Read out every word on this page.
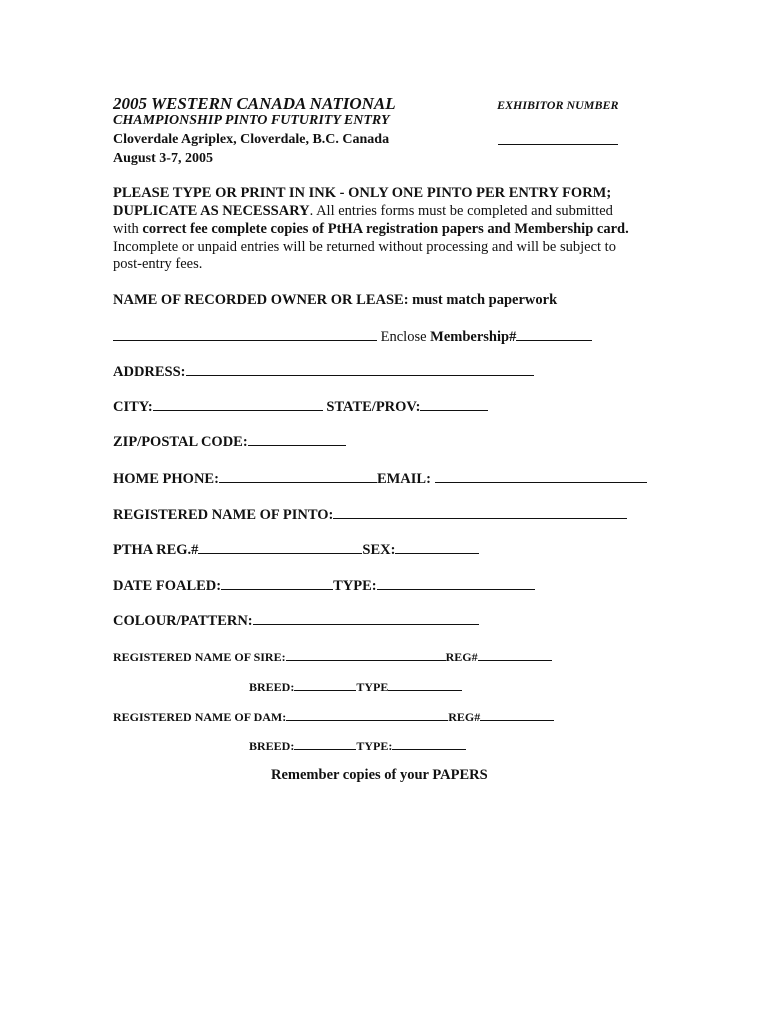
2005 WESTERN CANADA NATIONAL	EXHIBITOR NUMBER
CHAMPIONSHIP PINTO FUTURITY ENTRY
Cloverdale Agriplex, Cloverdale, B.C. Canada
August 3-7, 2005
PLEASE TYPE OR PRINT IN INK - ONLY ONE PINTO PER ENTRY FORM;
DUPLICATE AS NECESSARY. All entries forms must be completed and submitted
with correct fee complete copies of PtHA registration papers and Membership card.
Incomplete or unpaid entries will be returned without processing and will be subject to
post-entry fees.
NAME OF RECORDED OWNER OR LEASE: must match paperwork
Enclose Membership#
ADDRESS:
CITY:	STATE/PROV:
ZIP/POSTAL CODE:
HOME PHONE:	EMAIL:
REGISTERED NAME OF PINTO:
PTHA REG.#	SEX:
DATE FOALED:	TYPE:
COLOUR/PATTERN:
REGISTERED NAME OF SIRE:	REG#
BREED:	TYPE
REGISTERED NAME OF DAM:	REG#
BREED:	TYPE:
Remember copies of your PAPERS
